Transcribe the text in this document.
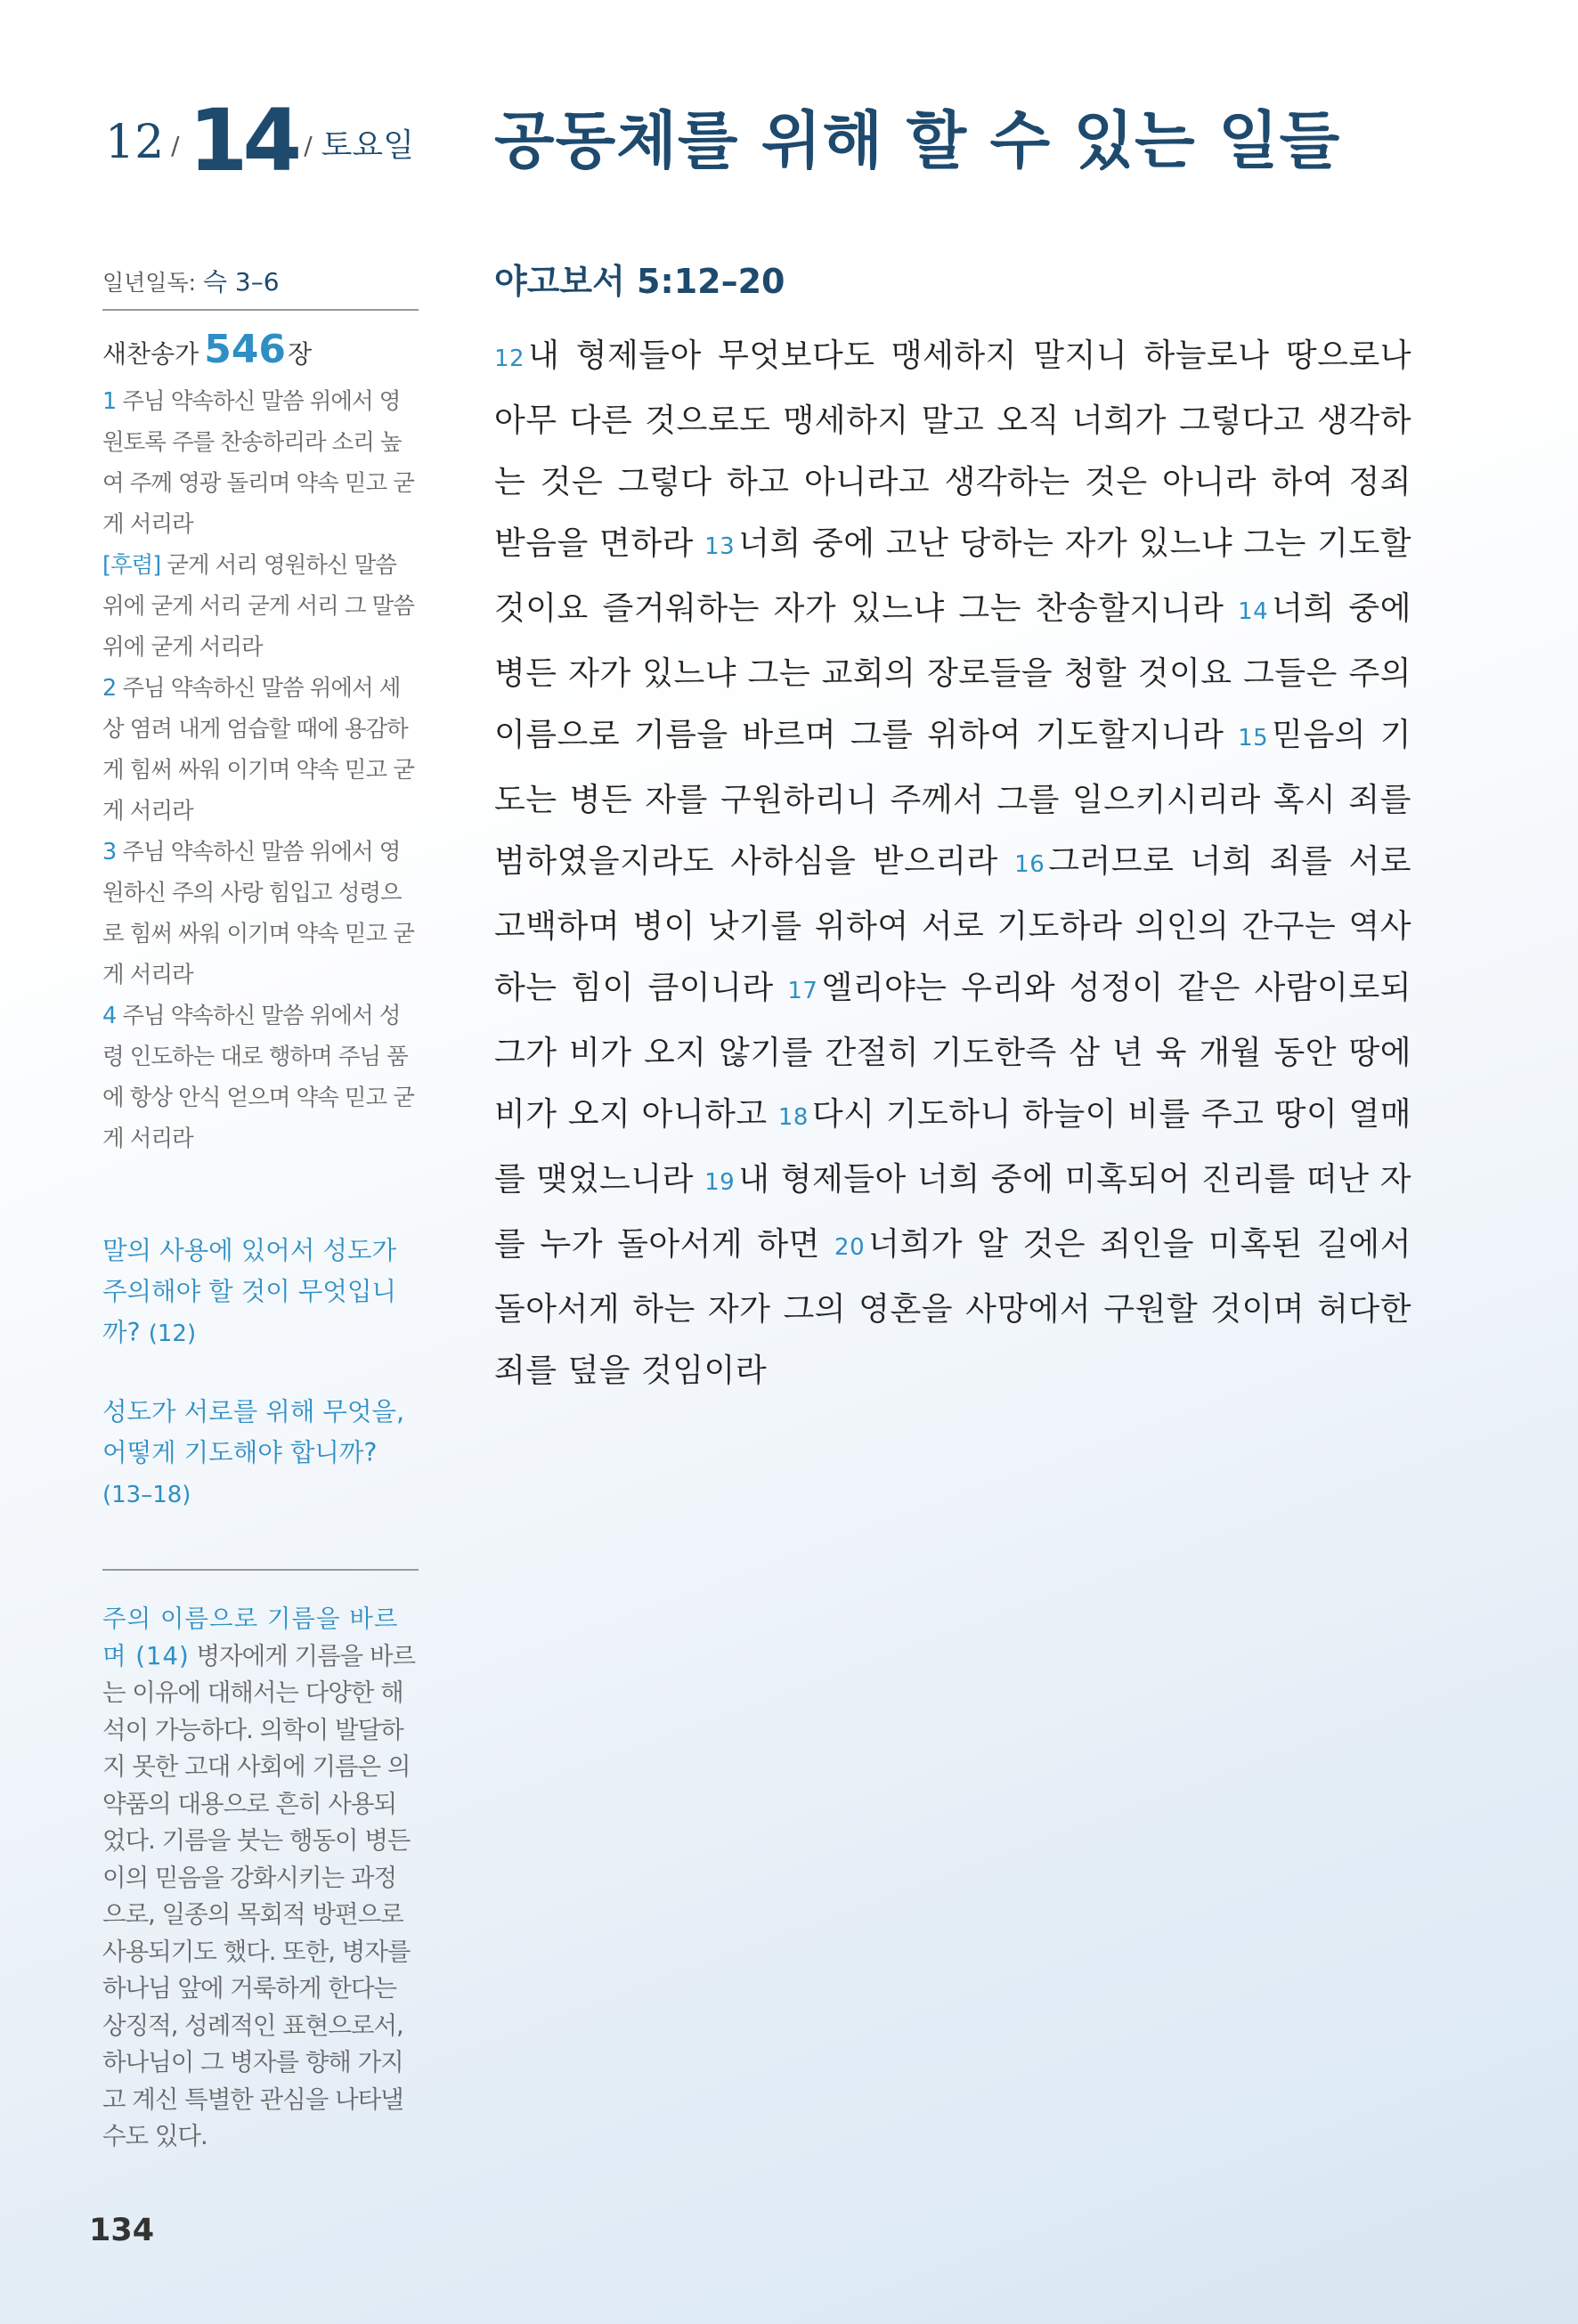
12 / 14 / 토요일 공동체를 위해 할 수 있는 일들
일년일독: 슥 3–6
새찬송가 546 장

1 주님 약속하신 말씀 위에서 영원토록 주를 찬송하리라 소리 높여 주께 영광 돌리며 약속 믿고 굳게 서리라

[후렴] 굳게 서리 영원하신 말씀 위에 굳게 서리 굳게 서리 그 말씀 위에 굳게 서리라

2 주님 약속하신 말씀 위에서 세상 염려 내게 엄습할 때에 용감하게 힘써 싸워 이기며 약속 믿고 굳게 서리라

3 주님 약속하신 말씀 위에서 영원하신 주의 사랑 힘입고 성령으로 힘써 싸워 이기며 약속 믿고 굳게 서리라

4 주님 약속하신 말씀 위에서 성령 인도하는 대로 행하며 주님 품에 항상 안식 얻으며 약속 믿고 굳게 서리라

말의 사용에 있어서 성도가 주의해야 할 것이 무엇입니까? (12)
성도가 서로를 위해 무엇을, 어떻게 기도해야 합니까? (13–18)
주의 이름으로 기름을 바르며 (14) 병자에게 기름을 바르는 이유에 대해서는 다양한 해석이 가능하다. 의학이 발달하지 못한 고대 사회에 기름은 의약품의 대용으로 흔히 사용되었다. 기름을 붓는 행동이 병든 이의 믿음을 강화시키는 과정으로, 일종의 목회적 방편으로 사용되기도 했다. 또한, 병자를 하나님 앞에 거룩하게 한다는 상징적, 성례적인 표현으로서, 하나님이 그 병자를 향해 가지고 계신 특별한 관심을 나타낼 수도 있다.
야고보서 5:12–20
12 내 형제들아 무엇보다도 맹세하지 말지니 하늘로나 땅으로나 아무 다른 것으로도 맹세하지 말고 오직 너희가 그렇다고 생각하는 것은 그렇다 하고 아니라고 생각하는 것은 아니라 하여 정죄 받음을 면하라 13 너희 중에 고난 당하는 자가 있느냐 그는 기도할 것이요 즐거워하는 자가 있느냐 그는 찬송할지니라 14 너희 중에 병든 자가 있느냐 그는 교회의 장로들을 청할 것이요 그들은 주의 이름으로 기름을 바르며 그를 위하여 기도할지니라 15 믿음의 기도는 병든 자를 구원하리니 주께서 그를 일으키시리라 혹시 죄를 범하였을지라도 사하심을 받으리라 16 그러므로 너희 죄를 서로 고백하며 병이 낫기를 위하여 서로 기도하라 의인의 간구는 역사하는 힘이 큼이니라 17 엘리야는 우리와 성정이 같은 사람이로되 그가 비가 오지 않기를 간절히 기도한즉 삼 년 육 개월 동안 땅에 비가 오지 아니하고 18 다시 기도하니 하늘이 비를 주고 땅이 열매를 맺었느니라 19 내 형제들아 너희 중에 미혹되어 진리를 떠난 자를 누가 돌아서게 하면 20 너희가 알 것은 죄인을 미혹된 길에서 돌아서게 하는 자가 그의 영혼을 사망에서 구원할 것이며 허다한 죄를 덮을 것임이라
134
